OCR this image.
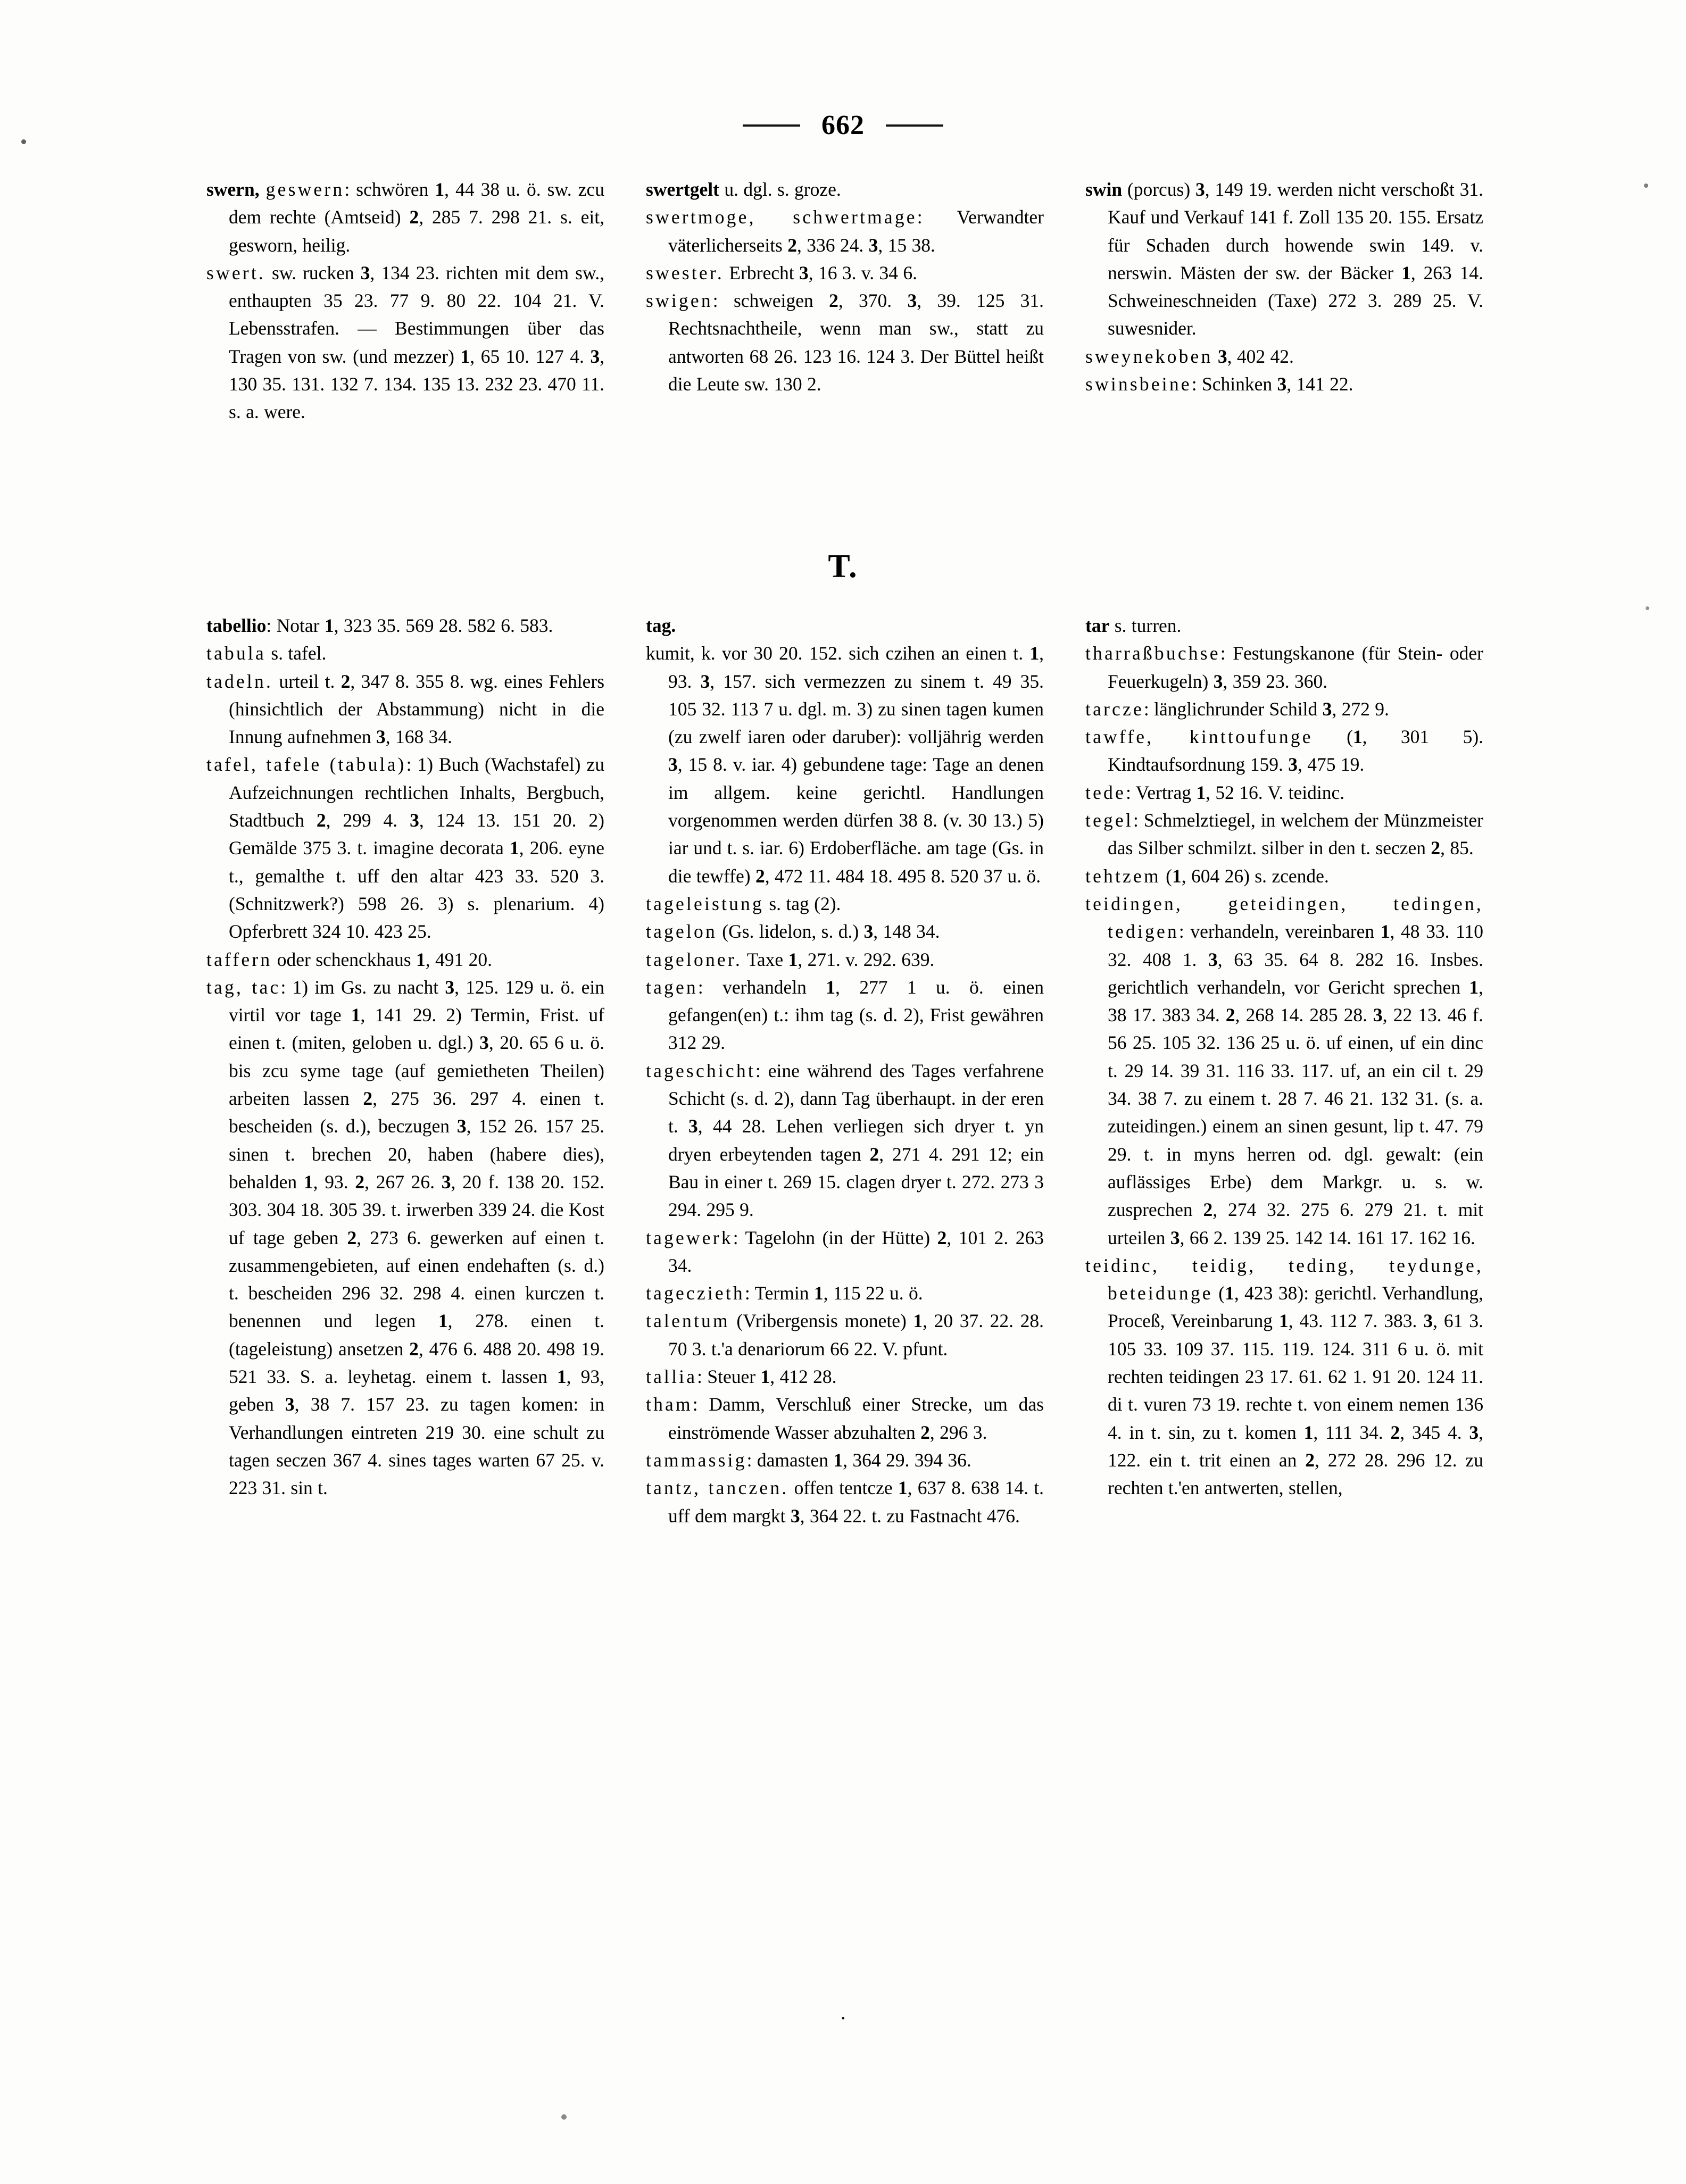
662

swern, geswern: schwören 1, 44 38 u. ö. sw. zcu dem rechte (Amtseid) 2, 285 7. 298 21. s. eit, gesworn, heilig.

swert. sw. rucken 3, 134 23. richten mit dem sw., enthaupten 35 23. 77 9. 80 22. 104 21. V. Lebensstrafen. — Bestimmungen über das Tragen von sw. (und mezzer) 1, 65 10. 127 4. 3, 130 35. 131. 132 7. 134. 135 13. 232 23. 470 11. s. a. were.

swertgelt u. dgl. s. groze.

swertmoge, schwertmage: Verwandter väterlicherseits 2, 336 24. 3, 15 38.

swester. Erbrecht 3, 16 3. v. 34 6.

swigen: schweigen 2, 370. 3, 39. 125 31. Rechtsnachtheile, wenn man sw., statt zu antworten 68 26. 123 16. 124 3. Der Büttel heißt die Leute sw. 130 2.

swin (porcus) 3, 149 19. werden nicht verschoßt 31. Kauf und Verkauf 141 f. Zoll 135 20. 155. Ersatz für Schaden durch howende swin 149. v. nerswin. Mästen der sw. der Bäcker 1, 263 14. Schweineschneiden (Taxe) 272 3. 289 25. V. suwesnider.

sweynekoben 3, 402 42.

swinsbeine: Schinken 3, 141 22.

T.

tabellio: Notar 1, 323 35. 569 28. 582 6. 583.

tabula s. tafel.

tadeln. urteil t. 2, 347 8. 355 8. wg. eines Fehlers (hinsichtlich der Abstammung) nicht in die Innung aufnehmen 3, 168 34.

tafel, tafele (tabula): 1) Buch (Wachstafel) zu Aufzeichnungen rechtlichen Inhalts, Bergbuch, Stadtbuch 2, 299 4. 3, 124 13. 151 20. 2) Gemälde 375 3. t. imagine decorata 1, 206. eyne t., gemalthe t. uff den altar 423 33. 520 3. (Schnitzwerk?) 598 26. 3) s. plenarium. 4) Opferbrett 324 10. 423 25.

taffern oder schenckhaus 1, 491 20.

tag, tac: 1) im Gs. zu nacht 3, 125. 129 u. ö. ein virtil vor tage 1, 141 29. 2) Termin, Frist. uf einen t. (miten, geloben u. dgl.) 3, 20. 65 6 u. ö. bis zcu syme tage (auf gemietheten Theilen) arbeiten lassen 2, 275 36. 297 4. einen t. bescheiden (s. d.), beczugen 3, 152 26. 157 25. sinen t. brechen 20, haben (habere dies), behalden 1, 93. 2, 267 26. 3, 20 f. 138 20. 152. 303. 304 18. 305 39. t. irwerben 339 24. die Kost uf tage geben 2, 273 6. gewerken auf einen t. zusammengebieten, auf einen endehaften (s. d.) t. bescheiden 296 32. 298 4. einen kurczen t. benennen und legen 1, 278. einen t. (tageleistung) ansetzen 2, 476 6. 488 20. 498 19. 521 33. S. a. leyhetag. einem t. lassen 1, 93, geben 3, 38 7. 157 23. zu tagen komen: in Verhandlungen eintreten 219 30. eine schult zu tagen seczen 367 4. sines tages warten 67 25. v. 223 31. sin t.

tag.

kumit, k. vor 30 20. 152. sich czihen an einen t. 1, 93. 3, 157. sich vermezzen zu sinem t. 49 35. 105 32. 113 7 u. dgl. m. 3) zu sinen tagen kumen (zu zwelf iaren oder daruber): volljährig werden 3, 15 8. v. iar. 4) gebundene tage: Tage an denen im allgem. keine gerichtl. Handlungen vorgenommen werden dürfen 38 8. (v. 30 13.) 5) iar und t. s. iar. 6) Erdoberfläche. am tage (Gs. in die tewffe) 2, 472 11. 484 18. 495 8. 520 37 u. ö.

tageleistung s. tag (2).

tagelon (Gs. lidelon, s. d.) 3, 148 34.

tageloner. Taxe 1, 271. v. 292. 639.

tagen: verhandeln 1, 277 1 u. ö. einen gefangen(en) t.: ihm tag (s. d. 2), Frist gewähren 312 29.

tageschicht: eine während des Tages verfahrene Schicht (s. d. 2), dann Tag überhaupt. in der eren t. 3, 44 28. Lehen verliegen sich dryer t. yn dryen erbeytenden tagen 2, 271 4. 291 12; ein Bau in einer t. 269 15. clagen dryer t. 272. 273 3 294. 295 9.

tagewerk: Tagelohn (in der Hütte) 2, 101 2. 263 34.

tageczieth: Termin 1, 115 22 u. ö.

talentum (Vribergensis monete) 1, 20 37. 22. 28. 70 3. t.'a denariorum 66 22. V. pfunt.

tallia: Steuer 1, 412 28.

tham: Damm, Verschluß einer Strecke, um das einströmende Wasser abzuhalten 2, 296 3.

tammassig: damasten 1, 364 29. 394 36.

tantz, tanczen. offen tentcze 1, 637 8. 638 14. t. uff dem margkt 3, 364 22. t. zu Fastnacht 476.

tar s. turren.

tharraßbuchse: Festungskanone (für Stein- oder Feuerkugeln) 3, 359 23. 360.

tarcze: länglichrunder Schild 3, 272 9.

tawffe, kinttoufunge (1, 301 5). Kindtaufsordnung 159. 3, 475 19.

tede: Vertrag 1, 52 16. V. teidinc.

tegel: Schmelztiegel, in welchem der Münzmeister das Silber schmilzt. silber in den t. seczen 2, 85.

tehtzem (1, 604 26) s. zcende.

teidingen, geteidingen, tedingen, tedigen: verhandeln, vereinbaren 1, 48 33. 110 32. 408 1. 3, 63 35. 64 8. 282 16. Insbes. gerichtlich verhandeln, vor Gericht sprechen 1, 38 17. 383 34. 2, 268 14. 285 28. 3, 22 13. 46 f. 56 25. 105 32. 136 25 u. ö. uf einen, uf ein dinc t. 29 14. 39 31. 116 33. 117. uf, an ein cil t. 29 34. 38 7. zu einem t. 28 7. 46 21. 132 31. (s. a. zuteidingen.) einem an sinen gesunt, lip t. 47. 79 29. t. in myns herren od. dgl. gewalt: (ein auflässiges Erbe) dem Markgr. u. s. w. zusprechen 2, 274 32. 275 6. 279 21. t. mit urteilen 3, 66 2. 139 25. 142 14. 161 17. 162 16.

teidinc, teidig, teding, teydunge, beteidunge (1, 423 38): gerichtl. Verhandlung, Proceß, Vereinbarung 1, 43. 112 7. 383. 3, 61 3. 105 33. 109 37. 115. 119. 124. 311 6 u. ö. mit rechten teidingen 23 17. 61. 62 1. 91 20. 124 11. di t. vuren 73 19. rechte t. von einem nemen 136 4. in t. sin, zu t. komen 1, 111 34. 2, 345 4. 3, 122. ein t. trit einen an 2, 272 28. 296 12. zu rechten t.'en antwerten, stellen,

.
